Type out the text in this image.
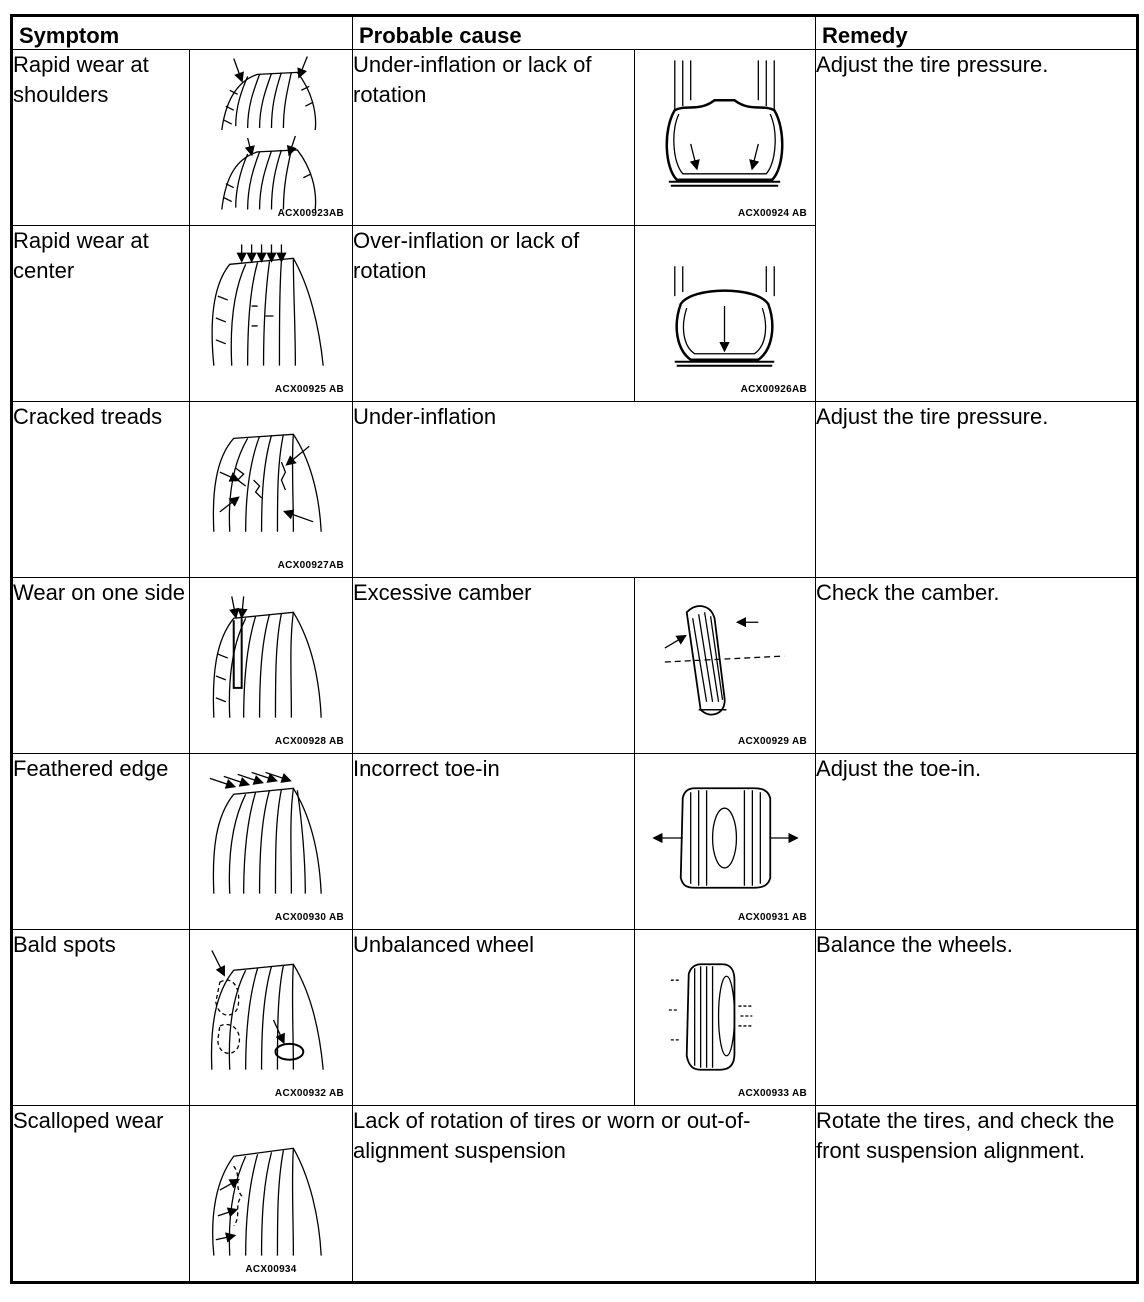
Symptom		Probable cause		Remedy
Rapid wear at shoulders	ACX00923AB	Under-inflation or lack of rotation	ACX00924 AB	Adjust the tire pressure.
Rapid wear at center	ACX00925 AB	Over-inflation or lack of rotation	ACX00926AB	

Cracked treads	ACX00927AB	Under-inflation		Adjust the tire pressure.
Wear on one side	ACX00928 AB	Excessive camber	ACX00929 AB	Check the camber.
Feathered edge	ACX00930 AB	Incorrect toe-in	ACX00931 AB	Adjust the toe-in.
Bald spots	ACX00932 AB	Unbalanced wheel	ACX00933 AB	Balance the wheels.
Scalloped wear	ACX00934	Lack of rotation of tires or worn or out-of-alignment suspension		Rotate the tires, and check the front suspension alignment.
